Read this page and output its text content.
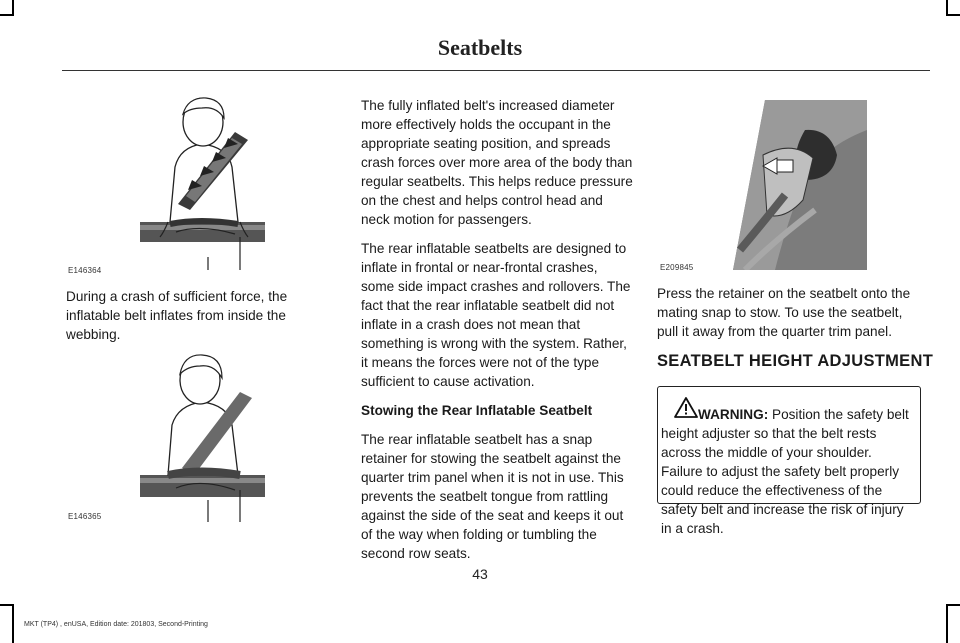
Seatbelts
E146364

During a crash of sufficient force, the inflatable belt inflates from inside the webbing.

E146365

The fully inflated belt's increased diameter more effectively holds the occupant in the appropriate seating position, and spreads crash forces over more area of the body than regular seatbelts. This helps reduce pressure on the chest and helps control head and neck motion for passengers.

The rear inflatable seatbelts are designed to inflate in frontal or near-frontal crashes, some side impact crashes and rollovers. The fact that the rear inflatable seatbelt did not inflate in a crash does not mean that something is wrong with the system. Rather, it means the forces were not of the type sufficient to cause activation.

Stowing the Rear Inflatable Seatbelt

The rear inflatable seatbelt has a snap retainer for stowing the seatbelt against the quarter trim panel when it is not in use. This prevents the seatbelt tongue from rattling against the side of the seat and keeps it out of the way when folding or tumbling the second row seats.

E209845

Press the retainer on the seatbelt onto the mating snap to stow. To use the seatbelt, pull it away from the quarter trim panel.

SEATBELT HEIGHT ADJUSTMENT

WARNING: Position the safety belt height adjuster so that the belt rests across the middle of your shoulder. Failure to adjust the safety belt properly could reduce the effectiveness of the safety belt and increase the risk of injury in a crash.

43
MKT (TP4) , enUSA, Edition date: 201803, Second-Printing
